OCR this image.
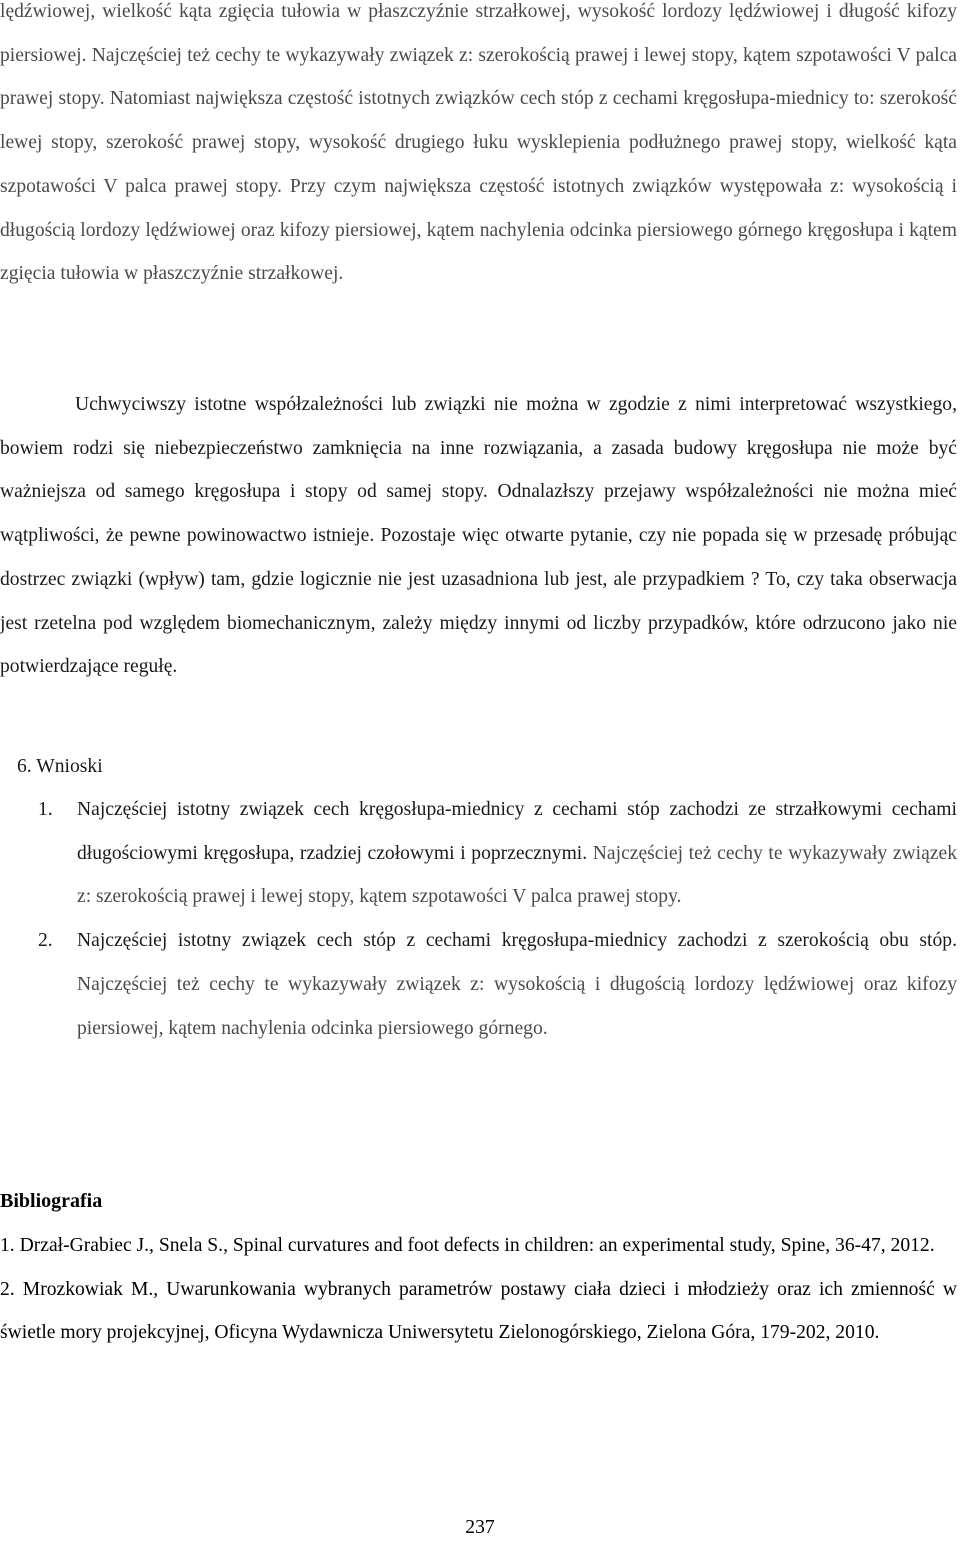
lędźwiowej, wielkość kąta zgięcia tułowia w płaszczyźnie strzałkowej, wysokość lordozy lędźwiowej i długość kifozy piersiowej. Najczęściej też cechy te wykazywały związek z: szerokością prawej i lewej stopy, kątem szpotawości V palca prawej stopy. Natomiast największa częstość istotnych związków cech stóp z cechami kręgosłupa-miednicy to: szerokość lewej stopy, szerokość prawej stopy, wysokość drugiego łuku wysklepienia podłużnego prawej stopy, wielkość kąta szpotawości V palca prawej stopy. Przy czym największa częstość istotnych związków występowała z: wysokością i długością lordozy lędźwiowej oraz kifozy piersiowej, kątem nachylenia odcinka piersiowego górnego kręgosłupa i kątem zgięcia tułowia w płaszczyźnie strzałkowej.

Uchwyciwszy istotne współzależności lub związki nie można w zgodzie z nimi interpretować wszystkiego, bowiem rodzi się niebezpieczeństwo zamknięcia na inne rozwiązania, a zasada budowy kręgosłupa nie może być ważniejsza od samego kręgosłupa i stopy od samej stopy. Odnalazłszy przejawy współzależności nie można mieć wątpliwości, że pewne powinowactwo istnieje. Pozostaje więc otwarte pytanie, czy nie popada się w przesadę próbując dostrzec związki (wpływ) tam, gdzie logicznie nie jest uzasadniona lub jest, ale przypadkiem ? To, czy taka obserwacja jest rzetelna pod względem biomechanicznym, zależy między innymi od liczby przypadków, które odrzucono jako nie potwierdzające regułę.

6. Wnioski
1. Najczęściej istotny związek cech kręgosłupa-miednicy z cechami stóp zachodzi ze strzałkowymi cechami długościowymi kręgosłupa, rzadziej czołowymi i poprzecznymi. Najczęściej też cechy te wykazywały związek z: szerokością prawej i lewej stopy, kątem szpotawości V palca prawej stopy.
2. Najczęściej istotny związek cech stóp z cechami kręgosłupa-miednicy zachodzi z szerokością obu stóp. Najczęściej też cechy te wykazywały związek z: wysokością i długością lordozy lędźwiowej oraz kifozy piersiowej, kątem nachylenia odcinka piersiowego górnego.
Bibliografia
1. Drzał-Grabiec J., Snela S., Spinal curvatures and foot defects in children: an experimental study, Spine, 36-47, 2012.
2. Mrozkowiak M., Uwarunkowania wybranych parametrów postawy ciała dzieci i młodzieży oraz ich zmienność w świetle mory projekcyjnej, Oficyna Wydawnicza Uniwersytetu Zielonogórskiego, Zielona Góra, 179-202, 2010.
237
